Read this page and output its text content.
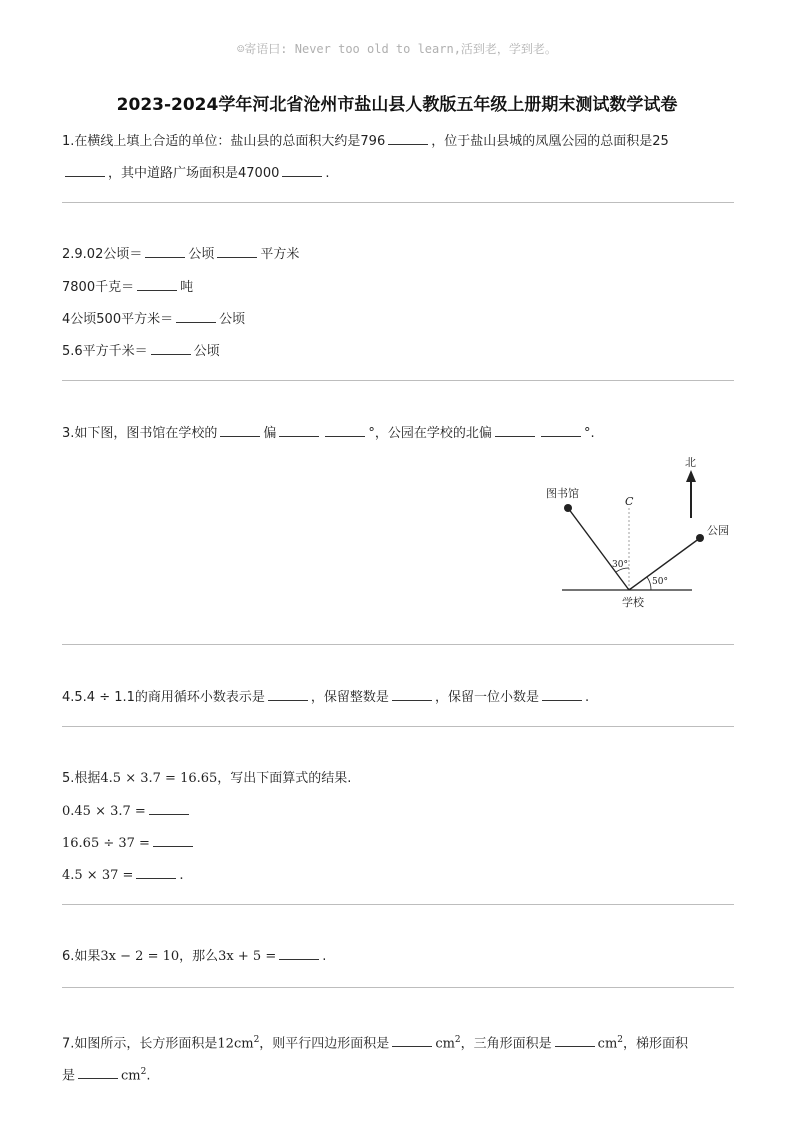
☺寄语曰: Never too old to learn,活到老，学到老。
2023-2024学年河北省沧州市盐山县人教版五年级上册期末测试数学试卷
1.在横线上填上合适的单位：盐山县的总面积大约是796	，位于盐山县城的凤凰公园的总面积是25
，其中道路广场面积是47000	.
2.9.02公顷＝	公顷	平方米
7800千克＝	吨
4公顷500平方米＝	公顷
5.6平方千米＝	公顷
3.如下图，图书馆在学校的	偏	°，公园在学校的北偏	°.
北
C
图书馆
公园
30°
50°
学校
4.5.4 ÷ 1.1的商用循环小数表示是	，保留整数是	，保留一位小数是	.
5.根据4.5 × 3.7 = 16.65，写出下面算式的结果.
0.45 × 3.7 =
16.65 ÷ 37 =
4.5 × 37 =	.
6.如果3x − 2 = 10，那么3x + 5 =	.
7.如图所示，长方形面积是$12cm^2$，则平行四边形面积是	$cm^2$，三角形面积是	$cm^2$，梯形面积
是	$cm^2$.
